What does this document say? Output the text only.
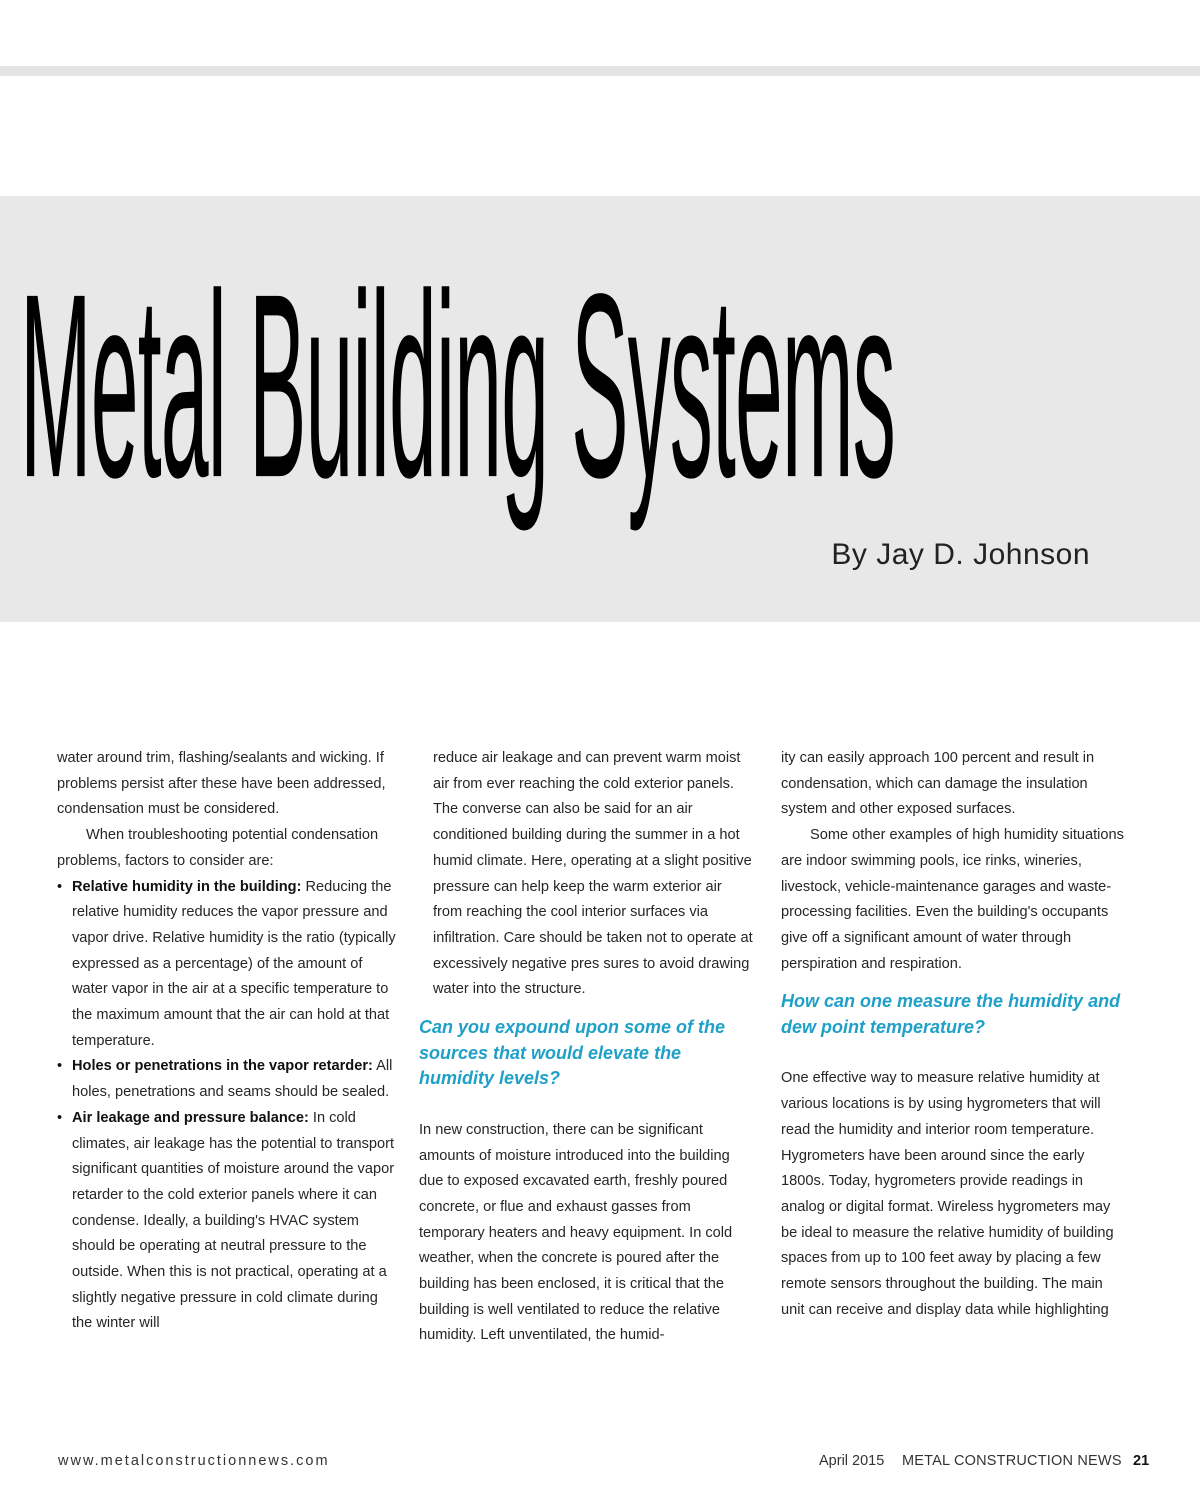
Metal Building Systems
By Jay D. Johnson

water around trim, flashing/sealants and wicking. If problems persist after these have been addressed, condensation must be considered.

When troubleshooting potential condensation problems, factors to consider are:

• Relative humidity in the building: Reducing the relative humidity reduces the vapor pressure and vapor drive. Relative humidity is the ratio (typically expressed as a percentage) of the amount of water vapor in the air at a specific temperature to the maximum amount that the air can hold at that temperature.
• Holes or penetrations in the vapor retarder: All holes, penetrations and seams should be sealed.
• Air leakage and pressure balance: In cold climates, air leakage has the potential to transport significant quantities of moisture around the vapor retarder to the cold exterior panels where it can condense. Ideally, a building's HVAC system should be operating at neutral pressure to the outside. When this is not practical, operating at a slightly negative pressure in cold climate during the winter will

reduce air leakage and can prevent warm moist air from ever reaching the cold exterior panels. The converse can also be said for an air conditioned building during the summer in a hot humid climate. Here, operating at a slight positive pressure can help keep the warm exterior air from reaching the cool interior surfaces via infiltration. Care should be taken not to operate at excessively negative pres sures to avoid drawing water into the structure.

Can you expound upon some of the sources that would elevate the humidity levels?

In new construction, there can be significant amounts of moisture introduced into the building due to exposed excavated earth, freshly poured concrete, or flue and exhaust gasses from temporary heaters and heavy equipment. In cold weather, when the concrete is poured after the building has been enclosed, it is critical that the building is well ventilated to reduce the relative humidity. Left unventilated, the humid-

ity can easily approach 100 percent and result in condensation, which can damage the insulation system and other exposed surfaces.

Some other examples of high humidity situations are indoor swimming pools, ice rinks, wineries, livestock, vehicle-maintenance garages and waste-processing facilities. Even the building's occupants give off a significant amount of water through perspiration and respiration.

How can one measure the humidity and dew point temperature?

One effective way to measure relative humidity at various locations is by using hygrometers that will read the humidity and interior room temperature. Hygrometers have been around since the early 1800s. Today, hygrometers provide readings in analog or digital format. Wireless hygrometers may be ideal to measure the relative humidity of building spaces from up to 100 feet away by placing a few remote sensors throughout the building. The main unit can receive and display data while highlighting

www.metalconstructionnews.com	April 2015 METAL CONSTRUCTION NEWS 21
